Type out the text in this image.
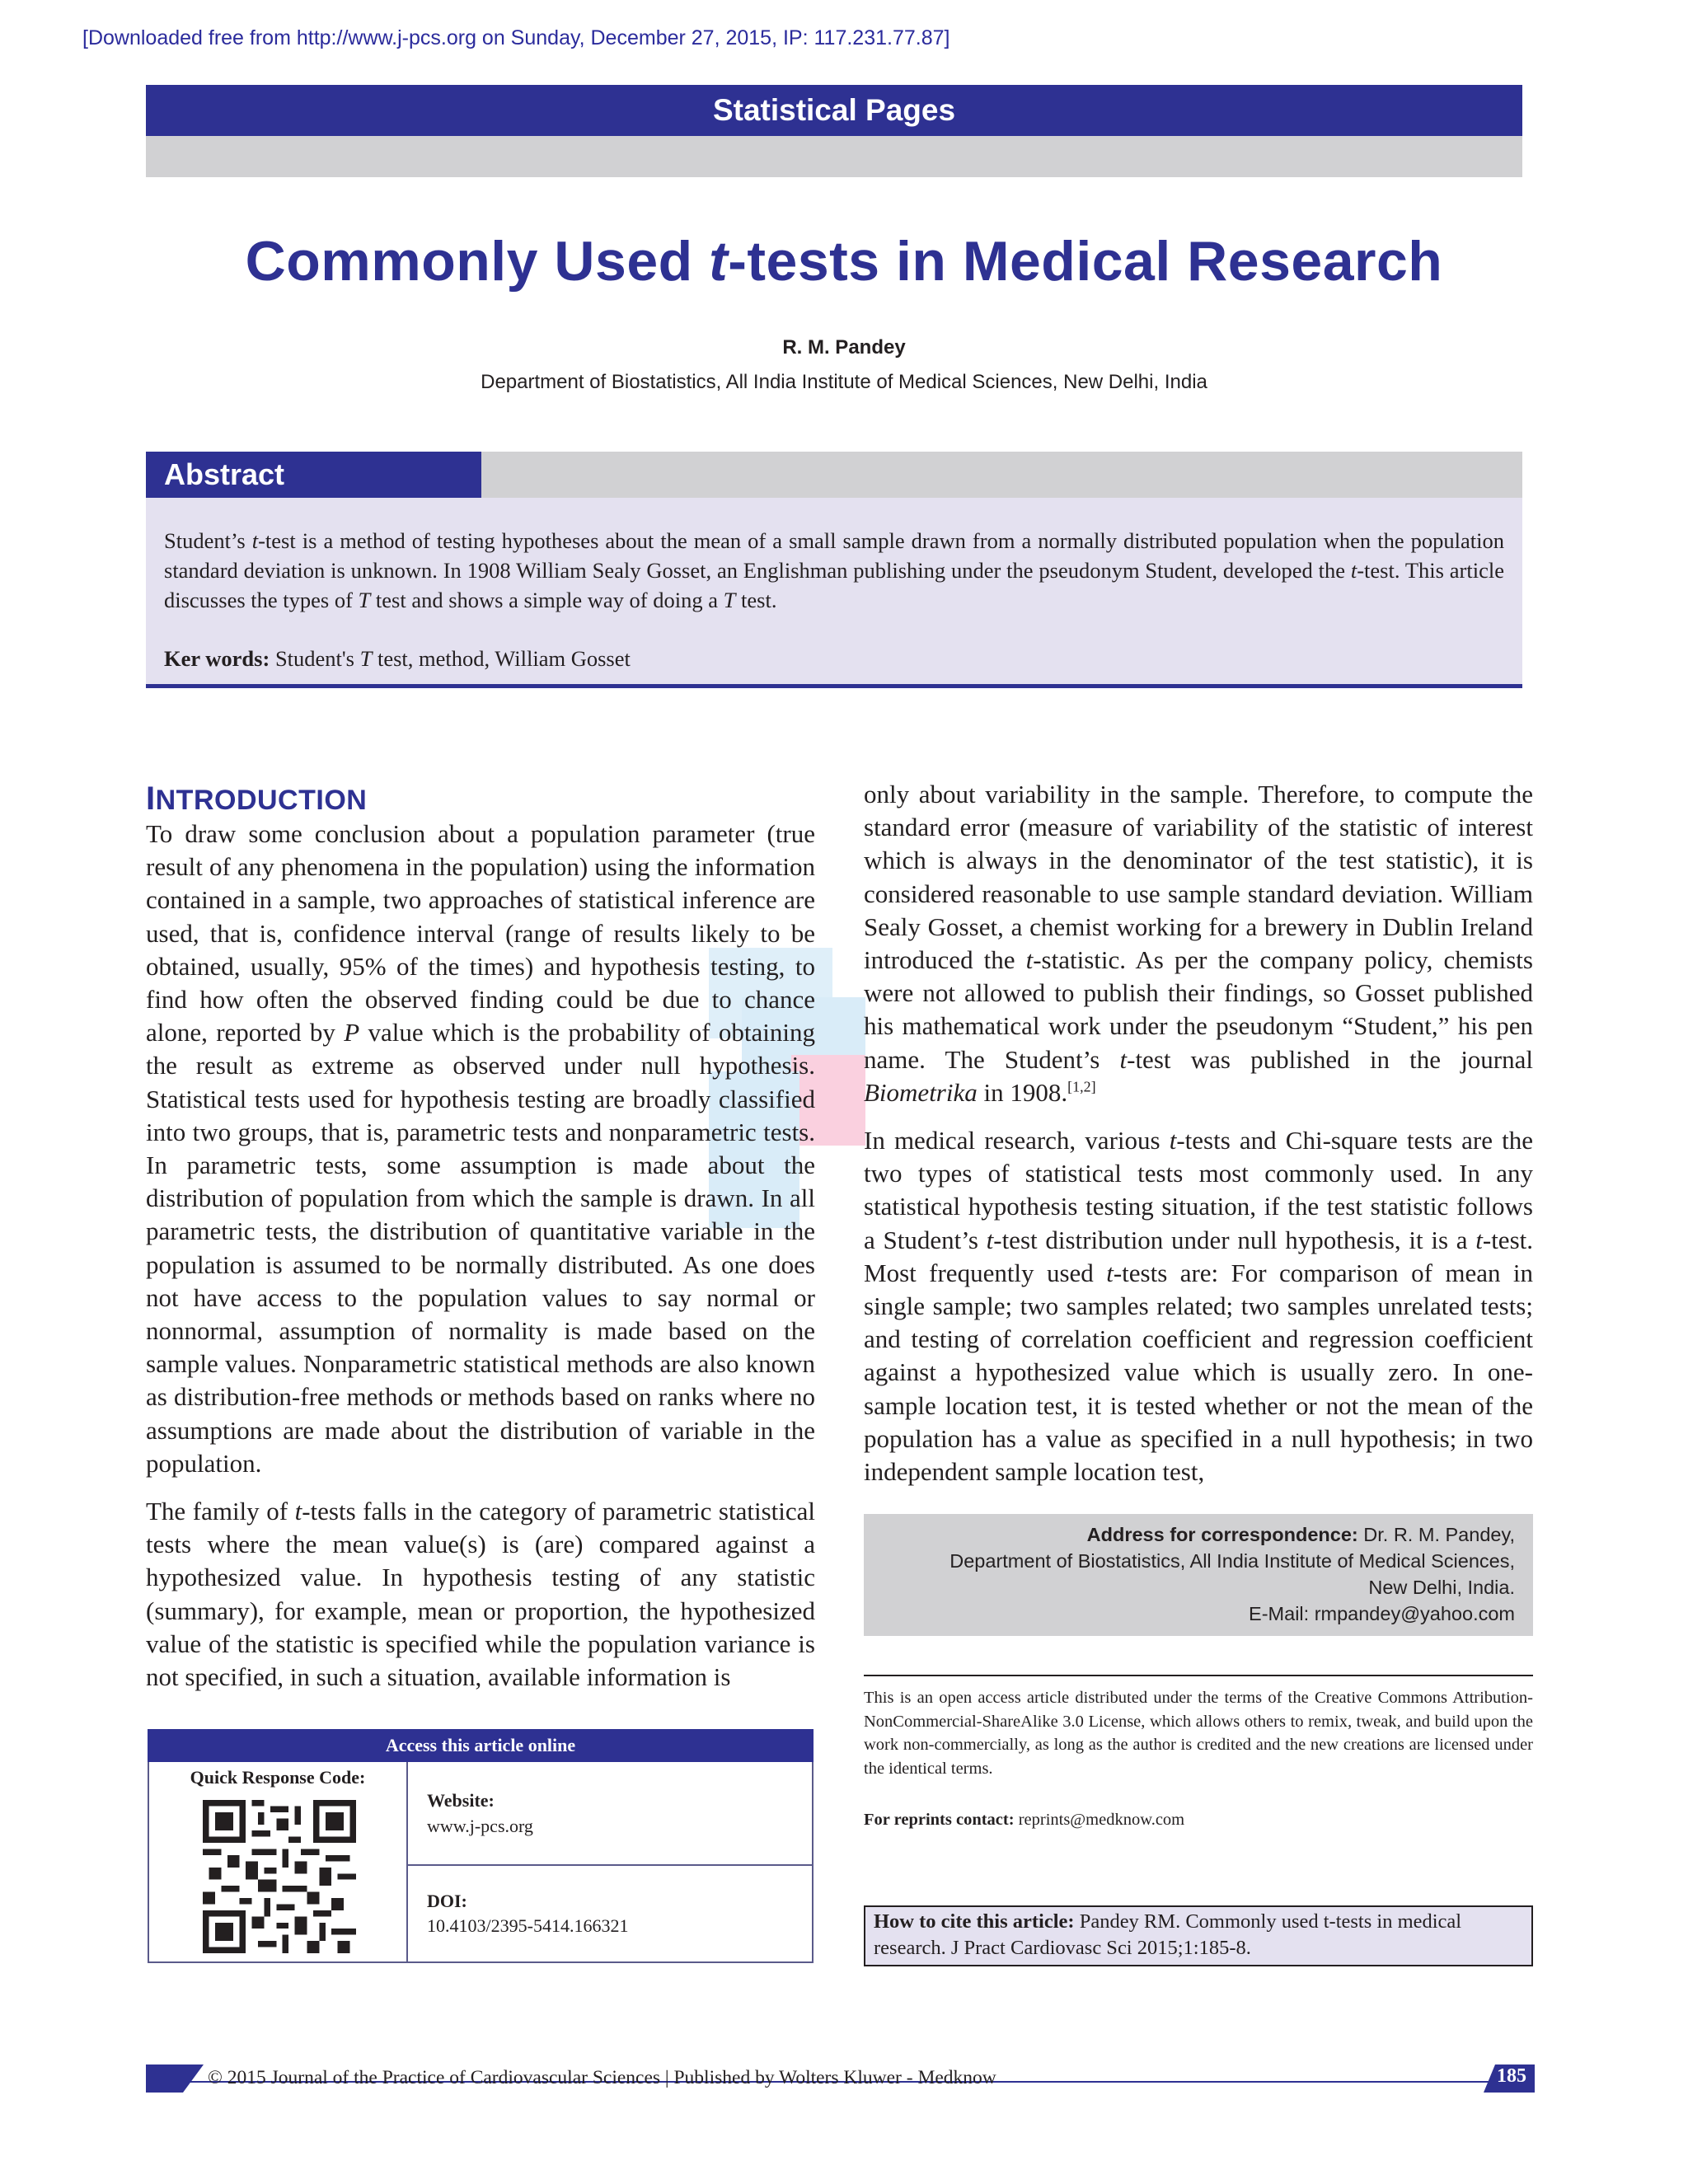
[Downloaded free from http://www.j-pcs.org on Sunday, December 27, 2015, IP: 117.231.77.87]
Statistical Pages
Commonly Used t-tests in Medical Research
R. M. Pandey
Department of Biostatistics, All India Institute of Medical Sciences, New Delhi, India
Abstract
Student’s t-test is a method of testing hypotheses about the mean of a small sample drawn from a normally distributed population when the population standard deviation is unknown. In 1908 William Sealy Gosset, an Englishman publishing under the pseudonym Student, developed the t-test. This article discusses the types of T test and shows a simple way of doing a T test.
Ker words: Student's T test, method, William Gosset
INTRODUCTION

To draw some conclusion about a population parameter (true result of any phenomena in the population) using the information contained in a sample, two approaches of statistical inference are used, that is, confidence interval (range of results likely to be obtained, usually, 95% of the times) and hypothesis testing, to find how often the observed finding could be due to chance alone, reported by P value which is the probability of obtaining the result as extreme as observed under null hypothesis. Statistical tests used for hypothesis testing are broadly classified into two groups, that is, parametric tests and nonparametric tests. In parametric tests, some assumption is made about the distribution of population from which the sample is drawn. In all parametric tests, the distribution of quantitative variable in the population is assumed to be normally distributed. As one does not have access to the population values to say normal or nonnormal, assumption of normality is made based on the sample values. Nonparametric statistical methods are also known as distribution-free methods or methods based on ranks where no assumptions are made about the distribution of variable in the population.

The family of t-tests falls in the category of parametric statistical tests where the mean value(s) is (are) compared against a hypothesized value. In hypothesis testing of any statistic (summary), for example, mean or proportion, the hypothesized value of the statistic is specified while the population variance is not specified, in such a situation, available information is

only about variability in the sample. Therefore, to compute the standard error (measure of variability of the statistic of interest which is always in the denominator of the test statistic), it is considered reasonable to use sample standard deviation. William Sealy Gosset, a chemist working for a brewery in Dublin Ireland introduced the t-statistic. As per the company policy, chemists were not allowed to publish their findings, so Gosset published his mathematical work under the pseudonym “Student,” his pen name. The Student’s t-test was published in the journal Biometrika in 1908.[1,2]

In medical research, various t-tests and Chi-square tests are the two types of statistical tests most commonly used. In any statistical hypothesis testing situation, if the test statistic follows a Student’s t-test distribution under null hypothesis, it is a t-test. Most frequently used t-tests are: For comparison of mean in single sample; two samples related; two samples unrelated tests; and testing of correlation coefficient and regression coefficient against a hypothesized value which is usually zero. In one-sample location test, it is tested whether or not the mean of the population has a value as specified in a null hypothesis; in two independent sample location test,

Access this article online
Quick Response Code:
Website:
www.j-pcs.org
DOI:
10.4103/2395-5414.166321
Address for correspondence: Dr. R. M. Pandey,
Department of Biostatistics, All India Institute of Medical Sciences,
New Delhi, India.
E-Mail: rmpandey@yahoo.com
This is an open access article distributed under the terms of the Creative Commons Attribution-NonCommercial-ShareAlike 3.0 License, which allows others to remix, tweak, and build upon the work non-commercially, as long as the author is credited and the new creations are licensed under the identical terms.
For reprints contact: reprints@medknow.com
How to cite this article: Pandey RM. Commonly used t-tests in medical research. J Pract Cardiovasc Sci 2015;1:185-8.
© 2015 Journal of the Practice of Cardiovascular Sciences | Published by Wolters Kluwer - Medknow	185
